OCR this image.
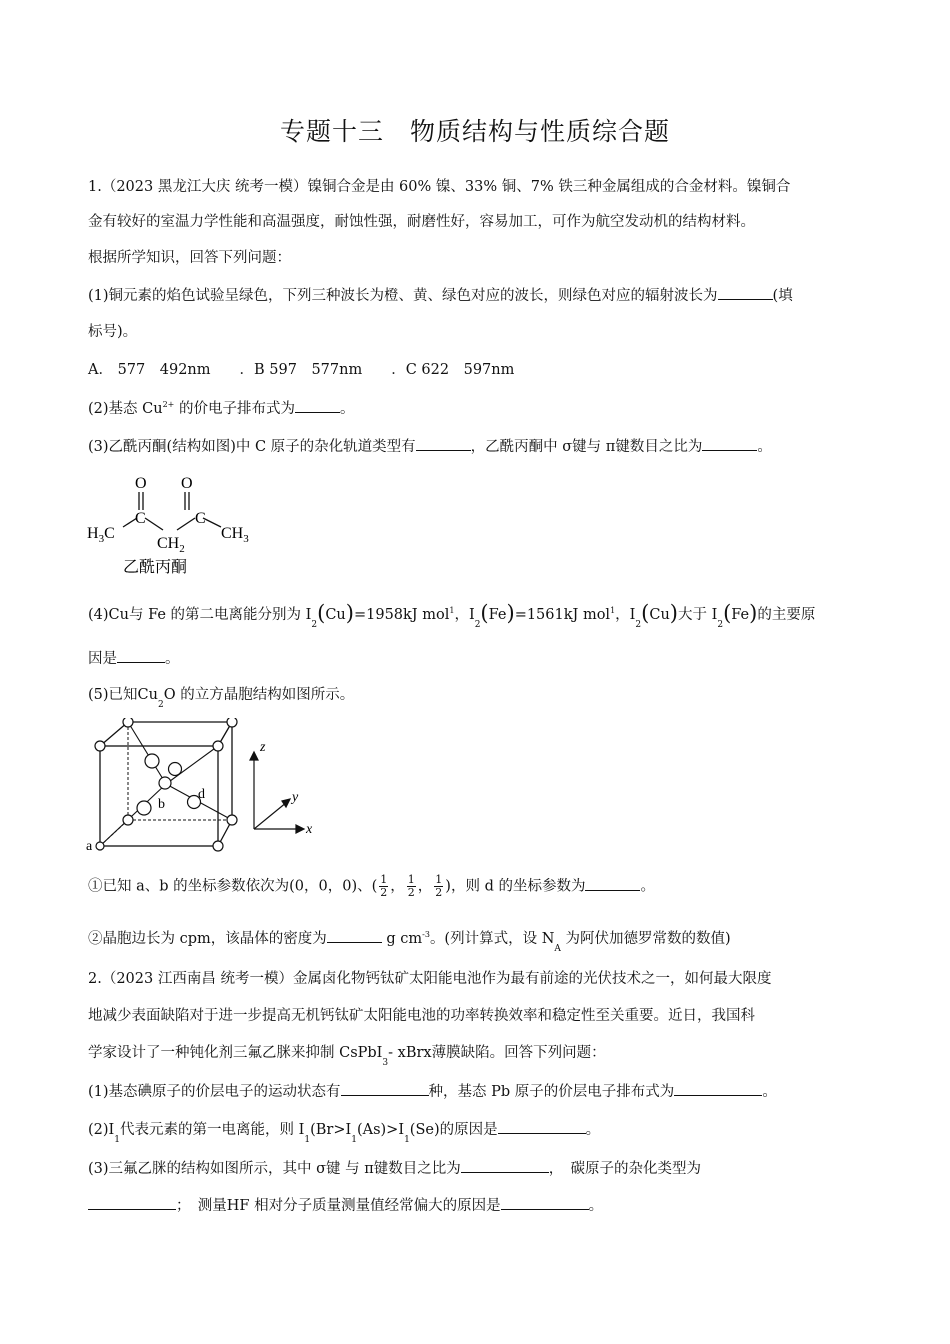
专题十三　物质结构与性质综合题
1.（2023 黑龙江大庆 统考一模）镍铜合金是由 60% 镍、33% 铜、7% 铁三种金属组成的合金材料。镍铜合
金有较好的室温力学性能和高温强度，耐蚀性强，耐磨性好，容易加工，可作为航空发动机的结构材料。
根据所学知识，回答下列问题：
(1)铜元素的焰色试验呈绿色，下列三种波长为橙、黄、绿色对应的波长，则绿色对应的辐射波长为	(填
标号)。
A． 577　492nm　　．B 597　577nm　　．C 622　597nm
(2)基态 $Cu^{2+}$ 的价电子排布式为	。
(3)乙酰丙酮(结构如图)中 C 原子的杂化轨道类型有	，乙酰丙酮中 σ键与 π键数目之比为	。
O O
C	C
$H_3C$
$CH_2$
$CH_3$
乙酰丙酮
(4)Cu与 Fe 的第二电离能分别为 $I_2(Cu)=1958kJ$ mol$^1$，$I_2(Fe)=1561kJ$ mol$^1$，$I_2(Cu)$大于 $I_2(Fe)$的主要原
因是	。
(5)已知$Cu_2O$ 的立方晶胞结构如图所示。
b
d
a
z
y
x
①已知 a、b 的坐标参数依次为(0，0，0)、( $\frac{1}{2}$ ， $\frac{1}{2}$ ， $\frac{1}{2}$ )，则 d 的坐标参数为	。
②晶胞边长为 cpm，该晶体的密度为	g $cm^{-3}$。(列计算式，设 $N_A$ 为阿伏加德罗常数的数值)
2.（2023 江西南昌 统考一模）金属卤化物钙钛矿太阳能电池作为最有前途的光伏技术之一，如何最大限度
地减少表面缺陷对于进一步提高无机钙钛矿太阳能电池的功率转换效率和稳定性至关重要。近日，我国科
学家设计了一种钝化剂三氟乙脒来抑制 CsPbI$_3$- xBrx薄膜缺陷。回答下列问题：
(1)基态碘原子的价层电子的运动状态有	种，基态 Pb 原子的价层电子排布式为	。
$(2)I_1$代表元素的第一电离能，则 $I_1(Br>I_1(As)>I_1(Se)$的原因是	。
(3)三氟乙脒的结构如图所示，其中 σ键 与 π键数目之比为	，　碳原子的杂化类型为
；　测量HF 相对分子质量测量值经常偏大的原因是	。
